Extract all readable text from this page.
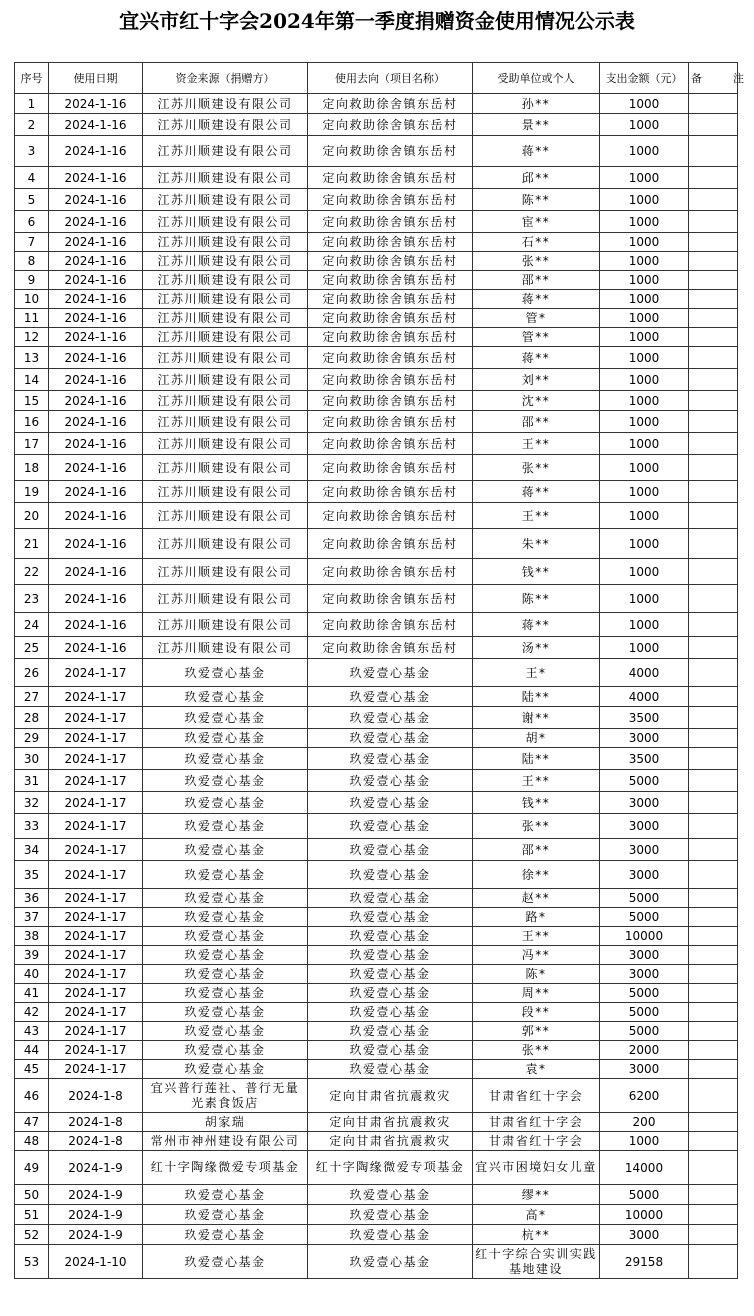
宜兴市红十字会2024年第一季度捐赠资金使用情况公示表
序号	使用日期	资金来源（捐赠方）	使用去向（项目名称）	受助单位或个人	支出金额（元）	备　注
1	2024-1-16	江苏川顺建设有限公司	定向救助徐舍镇东岳村	孙**	1000	
2	2024-1-16	江苏川顺建设有限公司	定向救助徐舍镇东岳村	景**	1000	
3	2024-1-16	江苏川顺建设有限公司	定向救助徐舍镇东岳村	蒋**	1000	
4	2024-1-16	江苏川顺建设有限公司	定向救助徐舍镇东岳村	邱**	1000	
5	2024-1-16	江苏川顺建设有限公司	定向救助徐舍镇东岳村	陈**	1000	
6	2024-1-16	江苏川顺建设有限公司	定向救助徐舍镇东岳村	宦**	1000	
7	2024-1-16	江苏川顺建设有限公司	定向救助徐舍镇东岳村	石**	1000	
8	2024-1-16	江苏川顺建设有限公司	定向救助徐舍镇东岳村	张**	1000	
9	2024-1-16	江苏川顺建设有限公司	定向救助徐舍镇东岳村	邵**	1000	
10	2024-1-16	江苏川顺建设有限公司	定向救助徐舍镇东岳村	蒋**	1000	
11	2024-1-16	江苏川顺建设有限公司	定向救助徐舍镇东岳村	管*	1000	
12	2024-1-16	江苏川顺建设有限公司	定向救助徐舍镇东岳村	管**	1000	
13	2024-1-16	江苏川顺建设有限公司	定向救助徐舍镇东岳村	蒋**	1000	
14	2024-1-16	江苏川顺建设有限公司	定向救助徐舍镇东岳村	刘**	1000	
15	2024-1-16	江苏川顺建设有限公司	定向救助徐舍镇东岳村	沈**	1000	
16	2024-1-16	江苏川顺建设有限公司	定向救助徐舍镇东岳村	邵**	1000	
17	2024-1-16	江苏川顺建设有限公司	定向救助徐舍镇东岳村	王**	1000	
18	2024-1-16	江苏川顺建设有限公司	定向救助徐舍镇东岳村	张**	1000	
19	2024-1-16	江苏川顺建设有限公司	定向救助徐舍镇东岳村	蒋**	1000	
20	2024-1-16	江苏川顺建设有限公司	定向救助徐舍镇东岳村	王**	1000	
21	2024-1-16	江苏川顺建设有限公司	定向救助徐舍镇东岳村	朱**	1000	
22	2024-1-16	江苏川顺建设有限公司	定向救助徐舍镇东岳村	钱**	1000	
23	2024-1-16	江苏川顺建设有限公司	定向救助徐舍镇东岳村	陈**	1000	
24	2024-1-16	江苏川顺建设有限公司	定向救助徐舍镇东岳村	蒋**	1000	
25	2024-1-16	江苏川顺建设有限公司	定向救助徐舍镇东岳村	汤**	1000	
26	2024-1-17	玖爱壹心基金	玖爱壹心基金	王*	4000	
27	2024-1-17	玖爱壹心基金	玖爱壹心基金	陆**	4000	
28	2024-1-17	玖爱壹心基金	玖爱壹心基金	谢**	3500	
29	2024-1-17	玖爱壹心基金	玖爱壹心基金	胡*	3000	
30	2024-1-17	玖爱壹心基金	玖爱壹心基金	陆**	3500	
31	2024-1-17	玖爱壹心基金	玖爱壹心基金	王**	5000	
32	2024-1-17	玖爱壹心基金	玖爱壹心基金	钱**	3000	
33	2024-1-17	玖爱壹心基金	玖爱壹心基金	张**	3000	
34	2024-1-17	玖爱壹心基金	玖爱壹心基金	邵**	3000	
35	2024-1-17	玖爱壹心基金	玖爱壹心基金	徐**	3000	
36	2024-1-17	玖爱壹心基金	玖爱壹心基金	赵**	5000	
37	2024-1-17	玖爱壹心基金	玖爱壹心基金	路*	5000	
38	2024-1-17	玖爱壹心基金	玖爱壹心基金	王**	10000	
39	2024-1-17	玖爱壹心基金	玖爱壹心基金	冯**	3000	
40	2024-1-17	玖爱壹心基金	玖爱壹心基金	陈*	3000	
41	2024-1-17	玖爱壹心基金	玖爱壹心基金	周**	5000	
42	2024-1-17	玖爱壹心基金	玖爱壹心基金	段**	5000	
43	2024-1-17	玖爱壹心基金	玖爱壹心基金	郭**	5000	
44	2024-1-17	玖爱壹心基金	玖爱壹心基金	张**	2000	
45	2024-1-17	玖爱壹心基金	玖爱壹心基金	袁*	3000	
46	2024-1-8	宜兴普行莲社、普行无量光素食饭店	定向甘肃省抗震救灾	甘肃省红十字会	6200	
47	2024-1-8	胡家瑞	定向甘肃省抗震救灾	甘肃省红十字会	200	
48	2024-1-8	常州市神州建设有限公司	定向甘肃省抗震救灾	甘肃省红十字会	1000	
49	2024-1-9	红十字陶缘微爱专项基金	红十字陶缘微爱专项基金	宜兴市困境妇女儿童	14000	
50	2024-1-9	玖爱壹心基金	玖爱壹心基金	缪**	5000	
51	2024-1-9	玖爱壹心基金	玖爱壹心基金	高*	10000	
52	2024-1-9	玖爱壹心基金	玖爱壹心基金	杭**	3000	
53	2024-1-10	玖爱壹心基金	玖爱壹心基金	红十字综合实训实践基地建设	29158	
